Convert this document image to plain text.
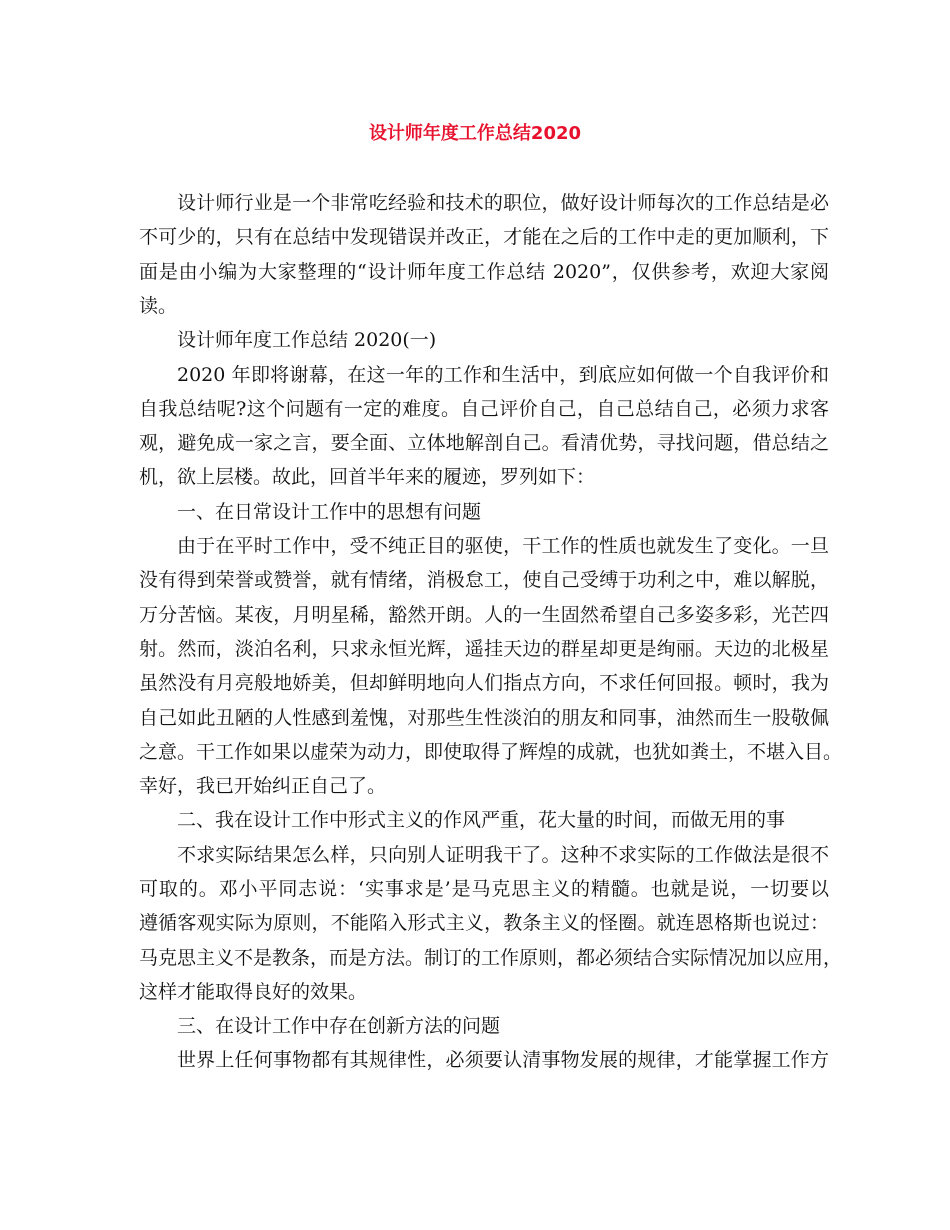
设计师年度工作总结2020

设计师行业是一个非常吃经验和技术的职位，做好设计师每次的工作总结是必

不可少的，只有在总结中发现错误并改正，才能在之后的工作中走的更加顺利，下

面是由小编为大家整理的“设计师年度工作总结 2020”，仅供参考，欢迎大家阅

读。

设计师年度工作总结 2020(一)

2020 年即将谢幕，在这一年的工作和生活中，到底应如何做一个自我评价和

自我总结呢?这个问题有一定的难度。自己评价自己，自己总结自己，必须力求客

观，避免成一家之言，要全面、立体地解剖自己。看清优势，寻找问题，借总结之

机，欲上层楼。故此，回首半年来的履迹，罗列如下：

一、在日常设计工作中的思想有问题

由于在平时工作中，受不纯正目的驱使，干工作的性质也就发生了变化。一旦

没有得到荣誉或赞誉，就有情绪，消极怠工，使自己受缚于功利之中，难以解脱，

万分苦恼。某夜，月明星稀，豁然开朗。人的一生固然希望自己多姿多彩，光芒四

射。然而，淡泊名利，只求永恒光辉，遥挂天边的群星却更是绚丽。天边的北极星

虽然没有月亮般地娇美，但却鲜明地向人们指点方向，不求任何回报。顿时，我为

自己如此丑陋的人性感到羞愧，对那些生性淡泊的朋友和同事，油然而生一股敬佩

之意。干工作如果以虚荣为动力，即使取得了辉煌的成就，也犹如粪土，不堪入目。

幸好，我已开始纠正自己了。

二、我在设计工作中形式主义的作风严重，花大量的时间，而做无用的事

不求实际结果怎么样，只向别人证明我干了。这种不求实际的工作做法是很不

可取的。邓小平同志说：‘实事求是’是马克思主义的精髓。也就是说，一切要以

遵循客观实际为原则，不能陷入形式主义，教条主义的怪圈。就连恩格斯也说过：

马克思主义不是教条，而是方法。制订的工作原则，都必须结合实际情况加以应用，

这样才能取得良好的效果。

三、在设计工作中存在创新方法的问题

世界上任何事物都有其规律性，必须要认清事物发展的规律，才能掌握工作方
